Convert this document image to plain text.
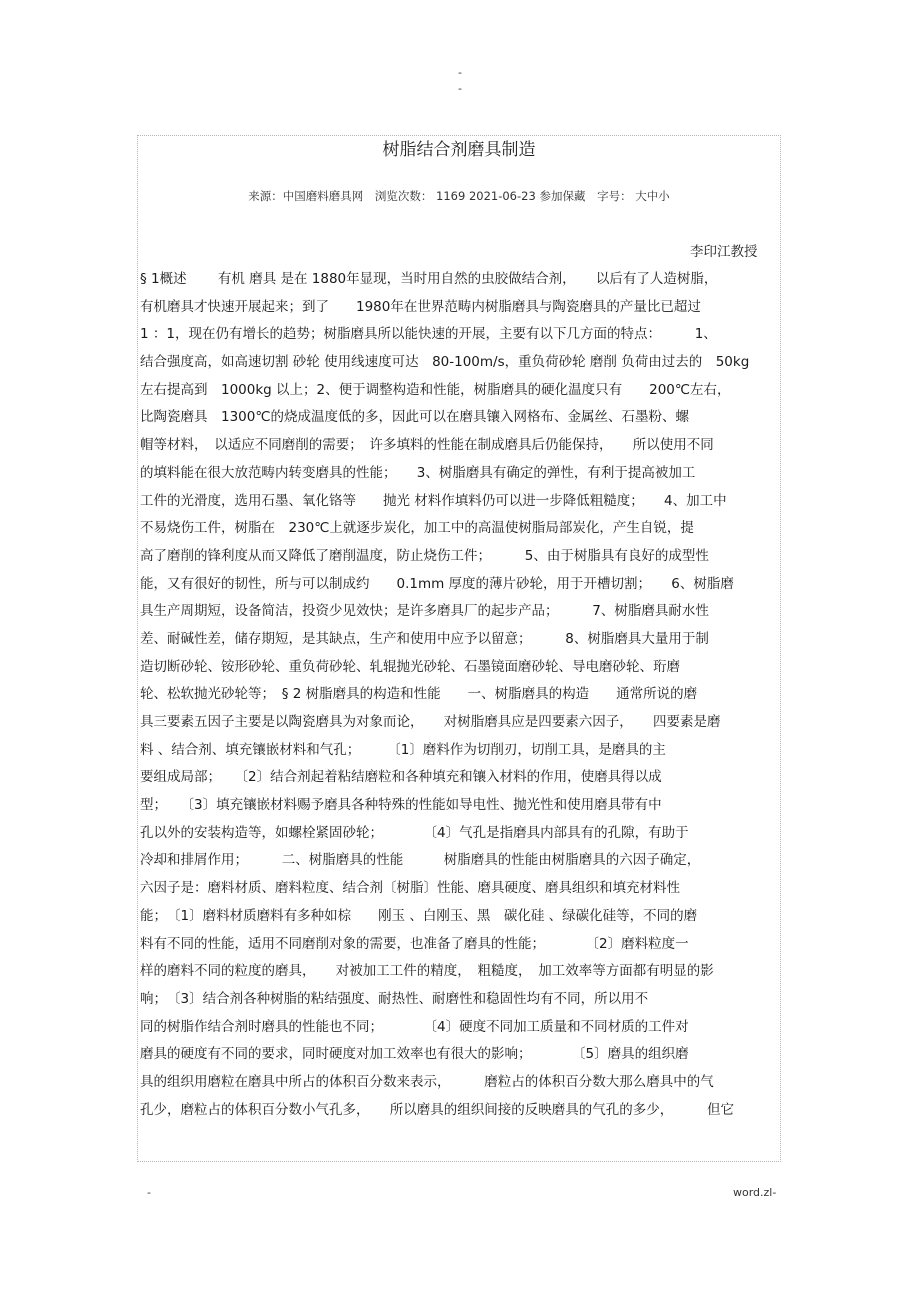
-
-
树脂结合剂磨具制造
来源：中国磨料磨具网 浏览次数： 1169 2021-06-23 参加保藏 字号： 大中小
李印江教授
§ 1概述　　 有机 磨具 是在 1880年显现，当时用自然的虫胶做结合剂，　　以后有了人造树脂，
有机磨具才快速开展起来；到了　　1980年在世界范畴内树脂磨具与陶瓷磨具的产量比已超过
1 ：1，现在仍有增长的趋势；树脂磨具所以能快速的开展，主要有以下几方面的特点：　　　1、
结合强度高，如高速切割 砂轮 使用线速度可达　80-100m/s，重负荷砂轮 磨削 负荷由过去的　50kg
左右提高到　1000kg 以上；2、便于调整构造和性能，树脂磨具的硬化温度只有　　200℃左右，
比陶瓷磨具　1300℃的烧成温度低的多，因此可以在磨具镶入网格布、金属丝、石墨粉、螺
帽等材料，　以适应不同磨削的需要；　许多填料的性能在制成磨具后仍能保持，　　所以使用不同
的填料能在很大放范畴内转变磨具的性能；　　3、树脂磨具有确定的弹性，有利于提高被加工
工件的光滑度，选用石墨、氧化铬等　　抛光 材料作填料仍可以进一步降低粗糙度；　　4、加工中
不易烧伤工件，树脂在　230℃上就逐步炭化，加工中的高温使树脂局部炭化，产生自锐，提
高了磨削的锋利度从而又降低了磨削温度，防止烧伤工件；　　　5、由于树脂具有良好的成型性
能，又有很好的韧性，所与可以制成约　　0.1mm 厚度的薄片砂轮，用于开槽切割；　　6、树脂磨
具生产周期短，设备简洁，投资少见效快；是许多磨具厂的起步产品；　　　7、树脂磨具耐水性
差、耐碱性差，储存期短，是其缺点，生产和使用中应予以留意；　　　8、树脂磨具大量用于制
造切断砂轮、铵形砂轮、重负荷砂轮、轧辊抛光砂轮、石墨镜面磨砂轮、导电磨砂轮、珩磨
轮、松软抛光砂轮等；　§ 2 树脂磨具的构造和性能　　一、树脂磨具的构造　　通常所说的磨
具三要素五因子主要是以陶瓷磨具为对象而论，　　对树脂磨具应是四要素六因子，　　四要素是磨
料 、结合剂、填充镶嵌材料和气孔；　　　〔1〕磨料作为切削刃，切削工具，是磨具的主
要组成局部；　　〔2〕结合剂起着粘结磨粒和各种填充和镶入材料的作用，使磨具得以成
型；　　〔3〕填充镶嵌材料赐予磨具各种特殊的性能如导电性、抛光性和使用磨具带有中
孔以外的安装构造等，如螺栓紧固砂轮；　　　　〔4〕气孔是指磨具内部具有的孔隙，有助于
冷却和排屑作用；　　　二、树脂磨具的性能　　　树脂磨具的性能由树脂磨具的六因子确定，
六因子是：磨料材质、磨料粒度、结合剂〔树脂〕性能、磨具硬度、磨具组织和填充材料性
能；　〔1〕磨料材质磨料有多种如棕　　刚玉 、白刚玉、黑　碳化硅 、绿碳化硅等，不同的磨
料有不同的性能，适用不同磨削对象的需要，也准备了磨具的性能；　　　　〔2〕磨料粒度一
样的磨料不同的粒度的磨具，　　对被加工工件的精度，　粗糙度，　加工效率等方面都有明显的影
响；　〔3〕结合剂各种树脂的粘结强度、耐热性、耐磨性和稳固性均有不同，所以用不
同的树脂作结合剂时磨具的性能也不同；　　　　〔4〕硬度不同加工质量和不同材质的工件对
磨具的硬度有不同的要求，同时硬度对加工效率也有很大的影响；　　　　〔5〕磨具的组织磨
具的组织用磨粒在磨具中所占的体积百分数来表示，　　　磨粒占的体积百分数大那么磨具中的气
孔少，磨粒占的体积百分数小气孔多，　　所以磨具的组织间接的反映磨具的气孔的多少，　　　但它
-	word.zl-
